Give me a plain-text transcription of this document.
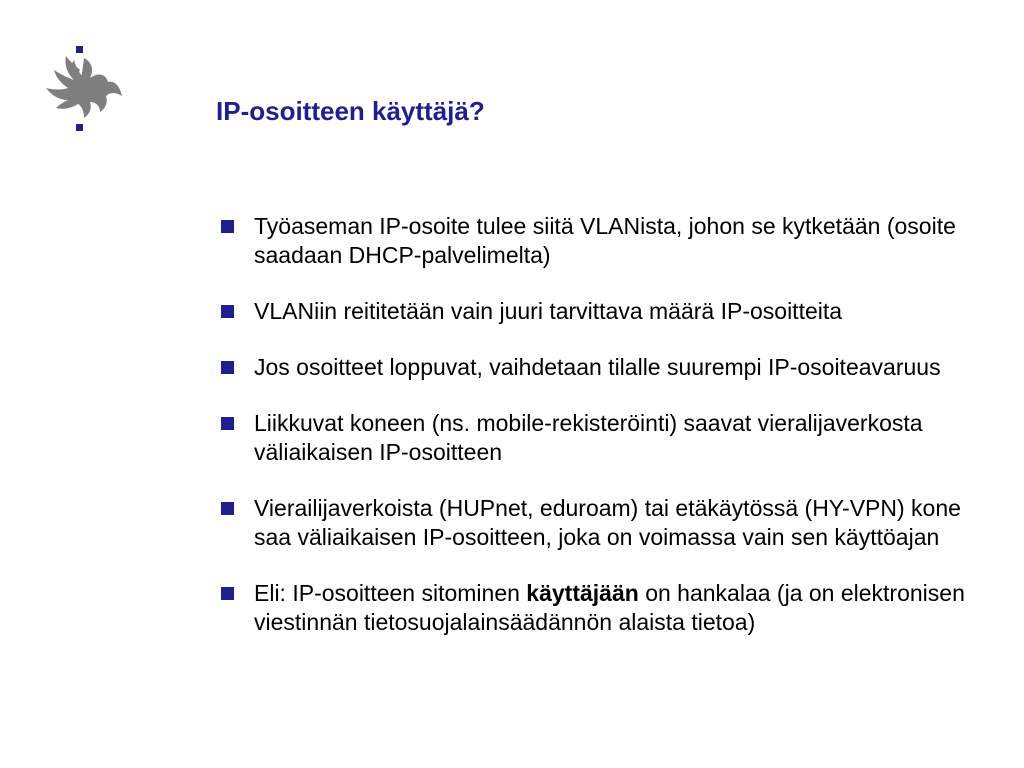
IP-osoitteen käyttäjä?
Työaseman IP-osoite tulee siitä VLANista, johon se kytketään (osoite saadaan DHCP-palvelimelta)
VLANiin reititetään vain juuri tarvittava määrä IP-osoitteita
Jos osoitteet loppuvat, vaihdetaan tilalle suurempi IP-osoiteavaruus
Liikkuvat koneen (ns. mobile-rekisteröinti) saavat vieralijaverkosta väliaikaisen IP-osoitteen
Vierailijaverkoista (HUPnet, eduroam) tai etäkäytössä (HY-VPN) kone saa väliaikaisen IP-osoitteen, joka on voimassa vain sen käyttöajan
Eli: IP-osoitteen sitominen käyttäjään on hankalaa (ja on elektronisen viestinnän tietosuojalainsäädännön alaista tietoa)
